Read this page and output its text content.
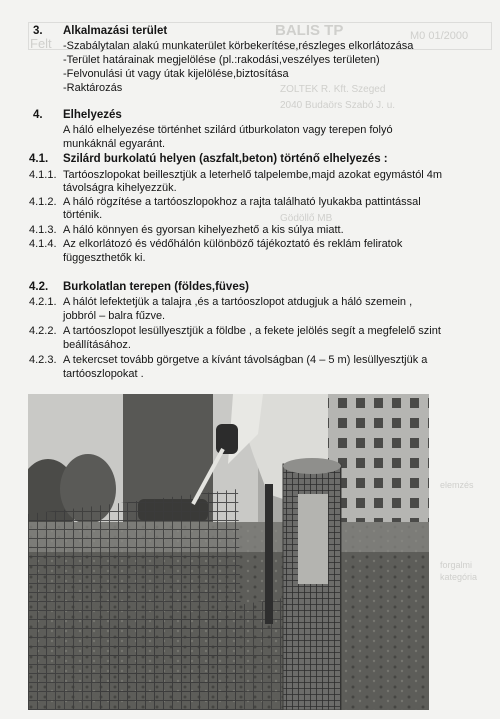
Felt
BALIS TP	M0 01/2000
ZOLTEK R. Kft. Szeged
2040 Budaörs Szabó J. u.
Gödöllő MB
elemzés
forgalmi
kategória
3. Alkalmazási terület
-Szabálytalan alakú munkaterület körbekerítése,részleges elkorlátozása
-Terület határainak megjelölése (pl.:rakodási,veszélyes területen)
-Felvonulási út vagy útak kijelölése,biztosítása
-Raktározás
4. Elhelyezés
A háló elhelyezése történhet szilárd útburkolaton vagy terepen folyó
munkáknál egyaránt.
4.1. Szilárd burkolatú helyen (aszfalt,beton) történő elhelyezés :
4.1.1. Tartóoszlopokat beillesztjük a leterhelő talpelembe,majd azokat egymástól 4m
távolságra kihelyezzük.
4.1.2. A háló rögzítése a tartóoszlopokhoz a rajta található lyukakba pattintással
történik.
4.1.3. A háló könnyen és gyorsan kihelyezhető a kis súlya miatt.
4.1.4. Az elkorlátozó és védőhálón különböző tájékoztató és reklám feliratok
függeszthetők ki.
4.2. Burkolatlan terepen (földes,füves)
4.2.1. A hálót lefektetjük a talajra ,és a tartóoszlopot atdugjuk a háló szemein ,
jobbról – balra fűzve.
4.2.2. A tartóoszlopot lesüllyesztjük a földbe , a fekete jelölés segít a megfelelő szint
beállításához.
4.2.3. A tekercset tovább görgetve a kívánt távolságban (4 – 5 m) lesüllyesztjük a
tartóoszlopokat .
